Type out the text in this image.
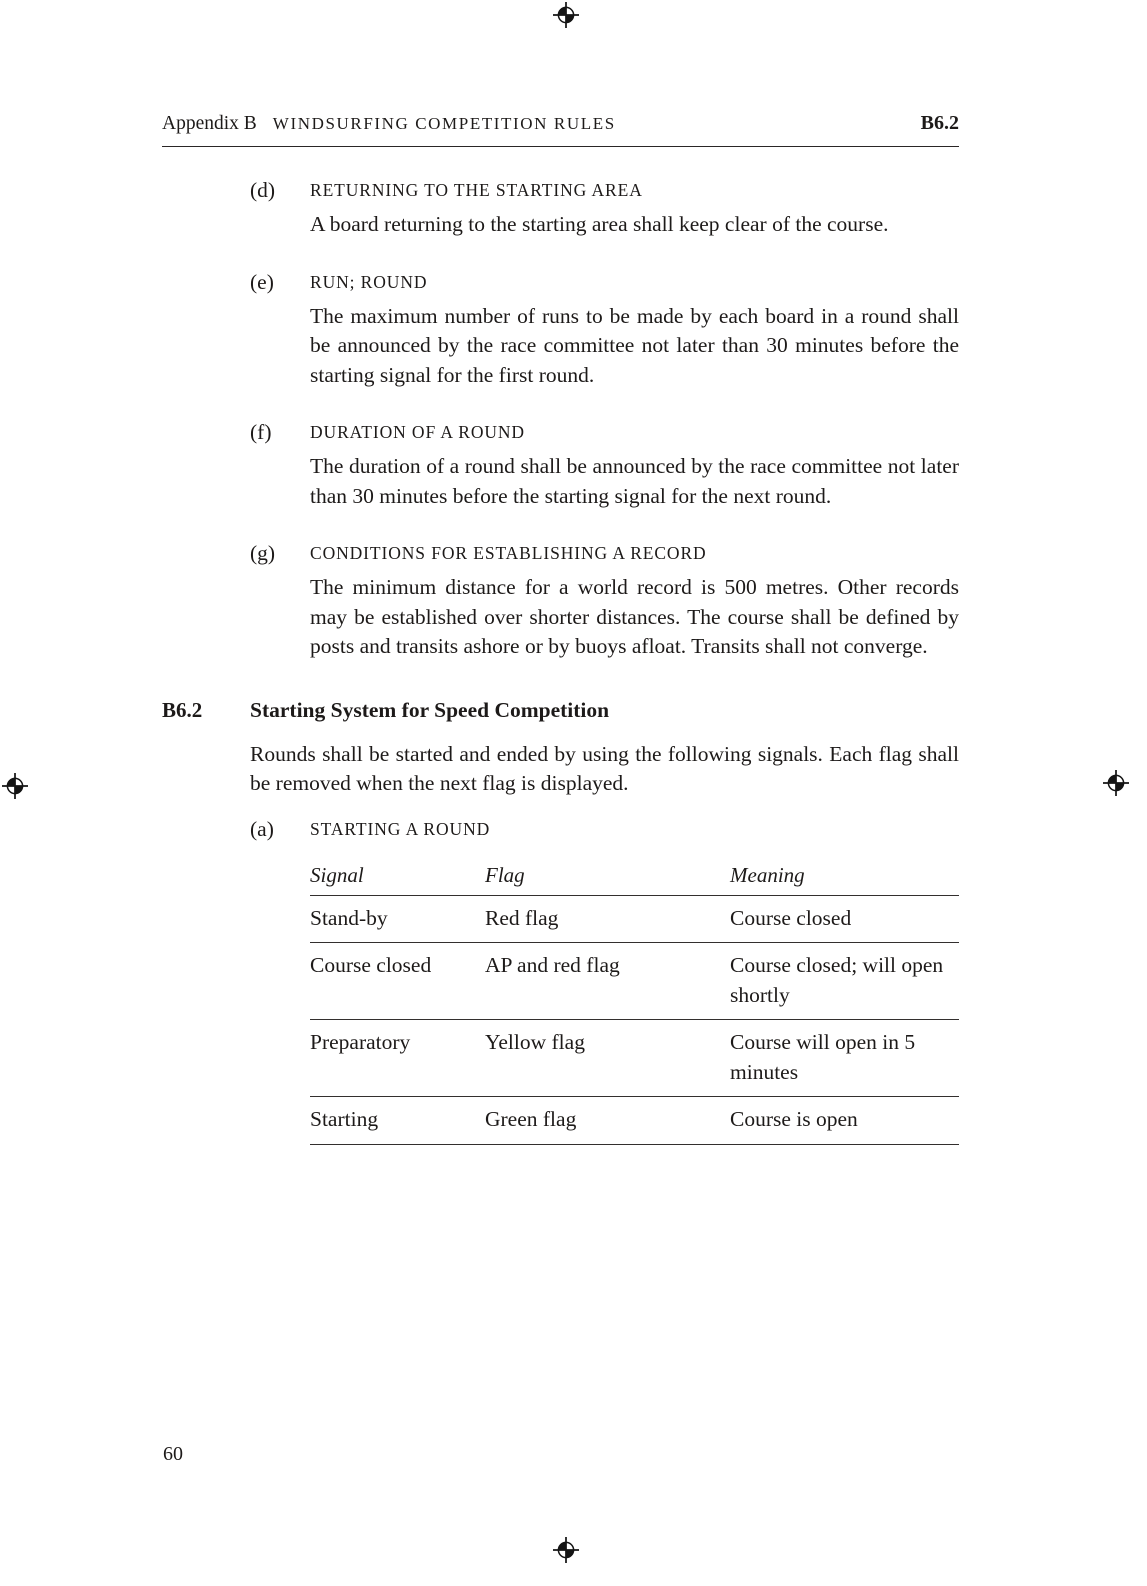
Appendix B WINDSURFING COMPETITION RULES	B6.2
(d)	RETURNING TO THE STARTING AREA

A board returning to the starting area shall keep clear of the course.

(e)	RUN; ROUND

The maximum number of runs to be made by each board in a round shall be announced by the race committee not later than 30 minutes before the starting signal for the first round.

(f)	DURATION OF A ROUND

The duration of a round shall be announced by the race committee not later than 30 minutes before the starting signal for the next round.

(g)	CONDITIONS FOR ESTABLISHING A RECORD

The minimum distance for a world record is 500 metres. Other records may be established over shorter distances. The course shall be defined by posts and transits ashore or by buoys afloat. Transits shall not converge.

B6.2	Starting System for Speed Competition

Rounds shall be started and ended by using the following signals. Each flag shall be removed when the next flag is displayed.

(a)	STARTING A ROUND
Signal	Flag	Meaning
Stand-by	Red flag	Course closed
Course closed	AP and red flag	Course closed; will open shortly
Preparatory	Yellow flag	Course will open in 5 minutes
Starting	Green flag	Course is open
60
